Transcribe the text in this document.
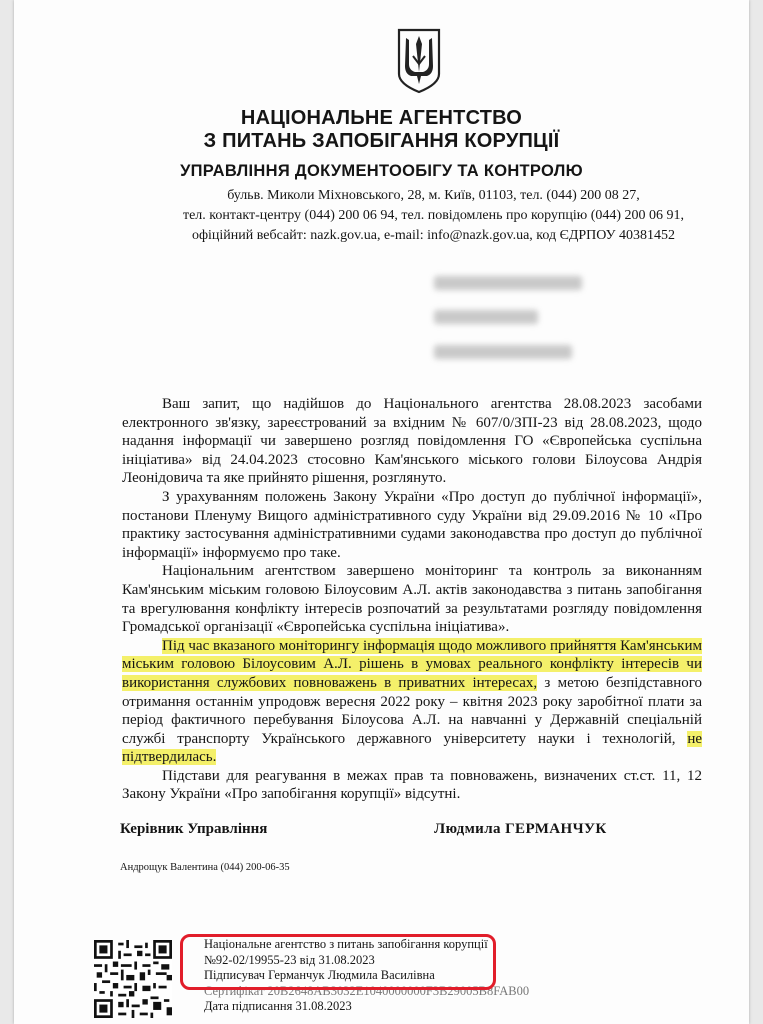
НАЦІОНАЛЬНЕ АГЕНТСТВО
З ПИТАНЬ ЗАПОБІГАННЯ КОРУПЦІЇ
УПРАВЛІННЯ ДОКУМЕНТООБІГУ ТА КОНТРОЛЮ
бульв. Миколи Міхновського, 28, м. Київ, 01103, тел. (044) 200 08 27,
тел. контакт-центру (044) 200 06 94, тел. повідомлень про корупцію (044) 200 06 91,
офіційний вебсайт: nazk.gov.ua, e-mail: info@nazk.gov.ua, код ЄДРПОУ 40381452

Ваш запит, що надійшов до Національного агентства 28.08.2023 засобами електронного зв'язку, зареєстрований за вхідним № 607/0/ЗПІ-23 від 28.08.2023, щодо надання інформації чи завершено розгляд повідомлення ГО «Європейська суспільна ініціатива» від 24.04.2023 стосовно Кам'янського міського голови Білоусова Андрія Леонідовича та яке прийнято рішення, розглянуто.

З урахуванням положень Закону України «Про доступ до публічної інформації», постанови Пленуму Вищого адміністративного суду України від 29.09.2016 № 10 «Про практику застосування адміністративними судами законодавства про доступ до публічної інформації» інформуємо про таке.

Національним агентством завершено моніторинг та контроль за виконанням Кам'янським міським головою Білоусовим А.Л. актів законодавства з питань запобігання та врегулювання конфлікту інтересів розпочатий за результатами розгляду повідомлення Громадської організації «Європейська суспільна ініціатива».

Під час вказаного моніторингу інформація щодо можливого прийняття Кам'янським міським головою Білоусовим А.Л. рішень в умовах реального конфлікту інтересів чи використання службових повноважень в приватних інтересах, з метою безпідставного отримання останнім упродовж вересня 2022 року – квітня 2023 року заробітної плати за період фактичного перебування Білоусова А.Л. на навчанні у Державній спеціальній службі транспорту Українського державного університету науки і технологій, не підтвердилась.

Підстави для реагування в межах прав та повноважень, визначених ст.ст. 11, 12 Закону України «Про запобігання корупції» відсутні.

Керівник Управління	Людмила ГЕРМАНЧУК
Андрощук Валентина (044) 200-06-35
Національне агентство з питань запобігання корупції
№92-02/19955-23 від 31.08.2023
Підписувач Германчук Людмила Василівна
Сертифікат 20B2648AB3032E1040000000F3B29005B8FAB00
Дата підписання 31.08.2023
